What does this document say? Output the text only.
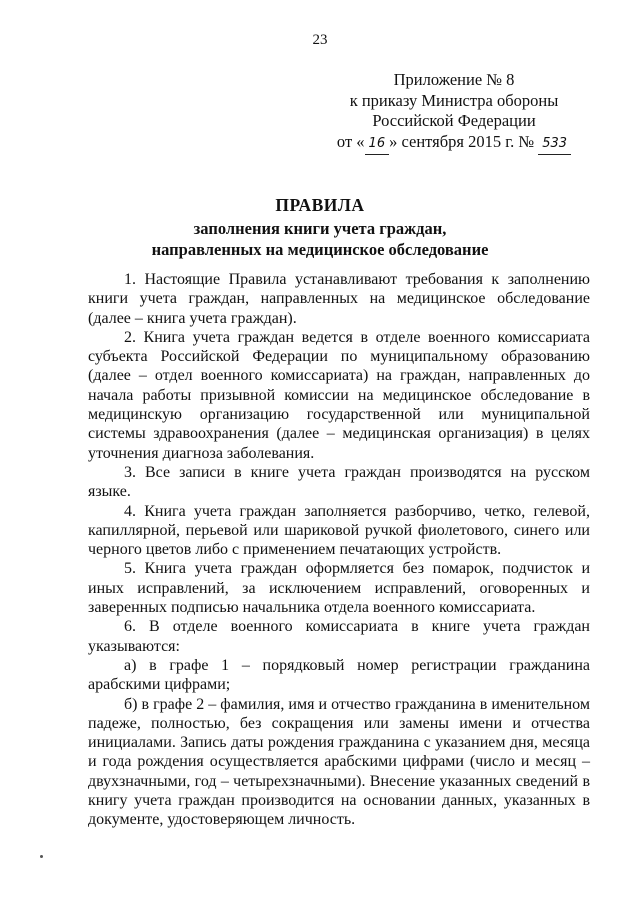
23
Приложение № 8
к приказу Министра обороны
Российской Федерации
от « 16 » сентября 2015 г. № 533
ПРАВИЛА
заполнения книги учета граждан,
направленных на медицинское обследование

1. Настоящие Правила устанавливают требования к заполнению книги учета граждан, направленных на медицинское обследование (далее – книга учета граждан).

2. Книга учета граждан ведется в отделе военного комиссариата субъекта Российской Федерации по муниципальному образованию (далее – отдел военного комиссариата) на граждан, направленных до начала работы призывной комиссии на медицинское обследование в медицинскую организацию государственной или муниципальной системы здравоохранения (далее – медицинская организация) в целях уточнения диагноза заболевания.

3. Все записи в книге учета граждан производятся на русском языке.

4. Книга учета граждан заполняется разборчиво, четко, гелевой, капиллярной, перьевой или шариковой ручкой фиолетового, синего или черного цветов либо с применением печатающих устройств.

5. Книга учета граждан оформляется без помарок, подчисток и иных исправлений, за исключением исправлений, оговоренных и заверенных подписью начальника отдела военного комиссариата.

6. В отделе военного комиссариата в книге учета граждан указываются:

а) в графе 1 – порядковый номер регистрации гражданина арабскими цифрами;

б) в графе 2 – фамилия, имя и отчество гражданина в именительном падеже, полностью, без сокращения или замены имени и отчества инициалами. Запись даты рождения гражданина с указанием дня, месяца и года рождения осуществляется арабскими цифрами (число и месяц – двухзначными, год – четырехзначными). Внесение указанных сведений в книгу учета граждан производится на основании данных, указанных в документе, удостоверяющем личность.
